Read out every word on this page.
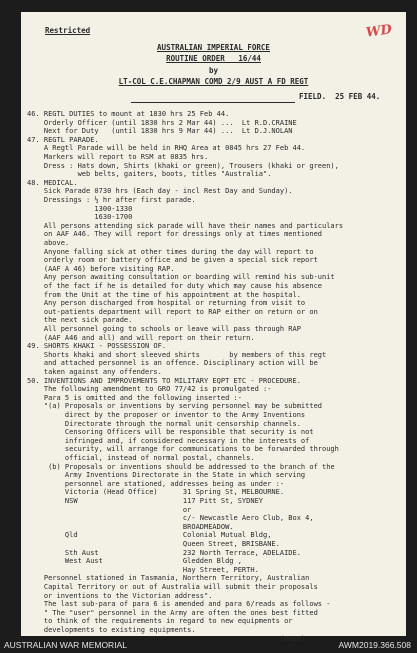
WD
Restricted
AUSTRALIAN IMPERIAL FORCE
ROUTINE ORDER   16/44
by
LT-COL C.E.CHAPMAN COMD 2/9 AUST A FD REGT
FIELD.  25 FEB 44.
46. REGTL DUTIES to mount at 1830 hrs 25 Feb 44.
Orderly Officer (until 1830 hrs 2 Mar 44) ...  Lt R.D.CRAINE
Next for Duty   (until 1830 hrs 9 Mar 44) ...  Lt D.J.NOLAN
47. REGTL PARADE.
A Regtl Parade will be held in RHQ Area at 0845 hrs 27 Feb 44.
Markers will report to RSM at 0835 hrs.
Dress : Hats down, Shirts (khaki or green), Trousers (khaki or green),
web belts, gaiters, boots, titles "Australia".
48. MEDICAL.
Sick Parade 0730 hrs (Each day - incl Rest Day and Sunday).
Dressings : ½ hr after first parade.
1300-1330
1630-1700
All persons attending sick parade will have their names and particulars
on AAF A46. They will report for dressings only at times mentioned
above.
Anyone falling sick at other times during the day will report to
orderly room or battery office and be given a special sick report
(AAF A 46) before visiting RAP.
Any person awaiting consultation or boarding will remind his sub-unit
of the fact if he is detailed for duty which may cause his absence
from the Unit at the time of his appointment at the hospital.
Any person discharged from hospital or returning from visit to
out-patients department will report to RAP either on return or on
the next sick parade.
All personnel going to schools or leave will pass through RAP
(AAF A46 and all) and will report on their return.
49. SHORTS KHAKI - POSSESSION OF.
Shorts khaki and short sleeved shirts       by members of this regt
and attached personnel is an offence. Disciplinary action will be
taken against any offenders.
50. INVENTIONS AND IMPROVEMENTS TO MILITARY EQPT ETC - PROCEDURE.
The following amendment to GRO 77/42 is promulgated :-
Para 5 is omitted and the following inserted :-
"(a) Proposals or inventions by serving personnel may be submitted
direct by the proposer or inventor to the Army Inventions
Directorate through the normal unit censorship channels.
Censoring Officers will be responsible that security is not
infringed and, if considered necessary in the interests of
security, will arrange for communications to be forwarded through
official, instead of normal postal, channels.
(b) Proposals or inventions should be addressed to the branch of the
Army Inventions Directorate in the State in which serving
personnel are stationed, addresses being as under :-
Victoria (Head Office)      31 Spring St, MELBOURNE.
NSW                         117 Pitt St, SYDNEY
or
c/- Newcastle Aero Club, Box 4,
BROADMEADOW.
Qld                         Colonial Mutual Bldg,
Queen Street, BRISBANE.
Sth Aust                    232 North Terrace, ADELAIDE.
West Aust                   Gledden Bldg ,
Hay Street, PERTH.
Personnel stationed in Tasmania, Northern Territory, Australian
Capital Territory or out of Australia will submit their proposals
or inventions to the Victorian address".
The last sub-para of para 6 is amended and para 6/reads as follows -
" The "user" personnel in the Army are often the ones best fitted
to think of the requirements in regard to new equipments or
developments to existing equipments.
(OVER)
AUSTRALIAN WAR MEMORIAL	AWM2019.366.508
